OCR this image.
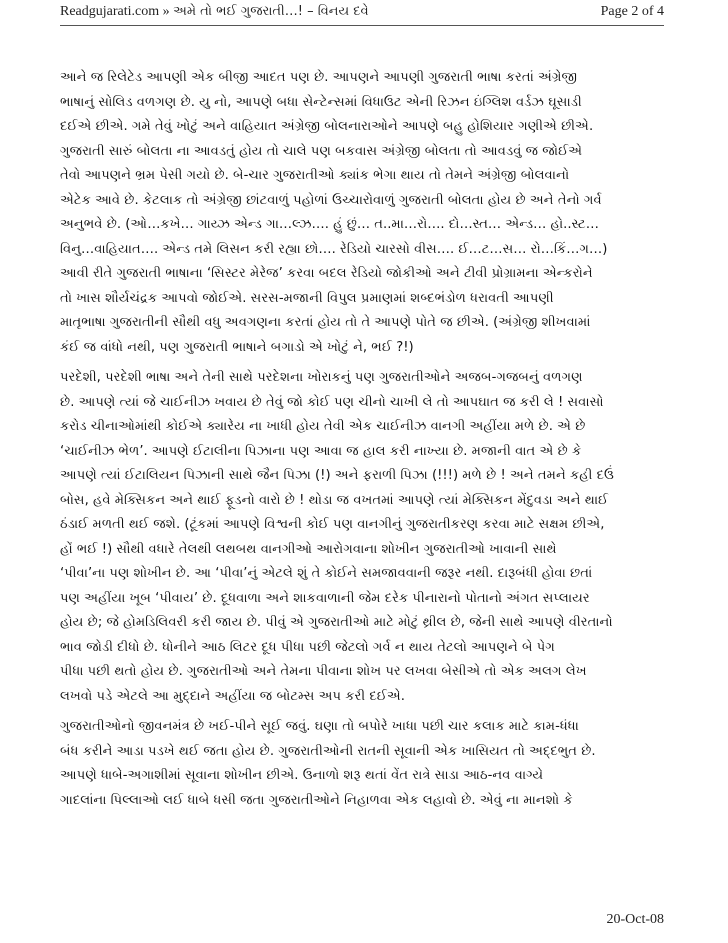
Readgujarati.com » અમે તો ભઈ ગુજરાતી…! – વિનય દવે	Page 2 of 4
આને જ રિલેટેડ આપણી એક બીજી આદત પણ છે. આપણને આપણી ગુજરાતી ભાષા કરતાં અંગ્રેજી
ભાષાનું સોલિડ વળગણ છે. યુ નો, આપણે બધા સેન્ટેન્સમાં વિધાઉટ એની રિઝન ઇંગ્લિશ વર્ડઝ ઘૂસાડી
દઈએ છીએ. ગમે તેવું ખોટું અને વાહિયાત અંગ્રેજી બોલનારાઓને આપણે બહુ હોશિયાર ગણીએ છીએ.
ગુજરાતી સારું બોલતા ના આવડતું હોય તો ચાલે પણ બકવાસ અંગ્રેજી બોલતા તો આવડવું જ જોઈએ
તેવો આપણને ભ્રમ પેસી ગયો છે. બે-ચાર ગુજરાતીઓ ક્યાંક ભેગા થાય તો તેમને અંગ્રેજી બોલવાનો
એટેક આવે છે. કેટલાક તો અંગ્રેજી છાંટવાળું પહોળાં ઉચ્ચારોવાળું ગુજરાતી બોલતા હોય છે અને તેનો ગર્વ
અનુભવે છે. (ઓ…કખે… ગાય્ઝ એન્ડ ગા…લ્ઝ…. હું છું… ત..મા…રો…. દો…સ્ત… એન્ડ… હો..સ્ટ…
વિનુ…વાહિયાત…. એન્ડ તમે લિસન કરી રહ્યા છો…. રેડિયો ચારસો વીસ…. ઈ…ટ…સ… રો…કિં…ગ…)
આવી રીતે ગુજરાતી ભાષાના ‘સિસ્ટર મેરેજ’ કરવા બદલ રેડિયો જોકીઓ અને ટીવી પ્રોગ્રામના એન્કરોને
તો ખાસ શૌર્યચંદ્રક આપવો જોઈએ. સરસ-મજાની વિપુલ પ્રમાણમાં શબ્દભંડોળ ધરાવતી આપણી
માતૃભાષા ગુજરાતીની સૌથી વધુ અવગણના કરતાં હોય તો તે આપણે પોતે જ છીએ. (અંગ્રેજી શીખવામાં
કંઈ જ વાંધો નથી, પણ ગુજરાતી ભાષાને બગાડો એ ખોટું ને, ભઈ ?!)
પરદેશી, પરદેશી ભાષા અને તેની સાથે પરદેશના ખોરાકનું પણ ગુજરાતીઓને અજબ-ગજબનું વળગણ
છે. આપણે ત્યાં જે ચાઈનીઝ ખવાય છે તેવું જો કોઈ પણ ચીનો ચાખી લે તો આપઘાત જ કરી લે ! સવાસો
કરોડ ચીનાઓમાંથી કોઈએ ક્યારેય ના ખાધી હોય તેવી એક ચાઈનીઝ વાનગી અહીંયા મળે છે. એ છે
‘ચાઈનીઝ ભેળ’. આપણે ઈટાલીના પિઝાના પણ આવા જ હાલ કરી નાખ્યા છે. મજાની વાત એ છે કે
આપણે ત્યાં ઈટાલિયન પિઝાની સાથે જૈન પિઝા (!) અને ફરાળી પિઝા (!!!) મળે છે ! અને તમને કહી દઉં
બોસ, હવે મેક્સિકન અને થાઈ ફૂડનો વારો છે ! થોડા જ વખતમાં આપણે ત્યાં મેક્સિકન મેંદુવડા અને થાઈ
ઠંડાઈ મળતી થઈ જશે. (ટૂંકમાં આપણે વિશ્વની કોઈ પણ વાનગીનું ગુજરાતીકરણ કરવા માટે સક્ષમ છીએ,
હોં ભઈ !) સૌથી વધારે તેલથી લથબથ વાનગીઓ આરોગવાના શોખીન ગુજરાતીઓ ખાવાની સાથે
‘પીવા’ના પણ શોખીન છે. આ ‘પીવા’નું એટલે શું તે કોઈને સમજાવવાની જરૂર નથી. દારૂબંધી હોવા છતાં
પણ અહીંયા ખૂબ ‘પીવાય’ છે. દૂધવાળા અને શાકવાળાની જેમ દરેક પીનારાનો પોતાનો અંગત સપ્લાયર
હોય છે; જે હોમડિલિવરી કરી જાય છે. પીવું એ ગુજરાતીઓ માટે મોટું થ્રીલ છે, જેની સાથે આપણે વીરતાનો
ભાવ જોડી દીધો છે. ધોનીને આઠ લિટર દૂધ પીધા પછી જેટલો ગર્વ ન થાય તેટલો આપણને બે પેગ
પીધા પછી થતો હોય છે. ગુજરાતીઓ અને તેમના પીવાના શોખ પર લખવા બેસીએ તો એક અલગ લેખ
લખવો પડે એટલે આ મુદ્દાને અહીંયા જ બોટમ્સ અપ કરી દઈએ.
ગુજરાતીઓનો જીવનમંત્ર છે ખઈ-પીને સૂઈ જવું. ઘણા તો બપોરે ખાધા પછી ચાર કલાક માટે કામ-ધંધા
બંધ કરીને આડા પડખે થઈ જતા હોય છે. ગુજરાતીઓની રાતની સૂવાની એક ખાસિયત તો અદ્દભુત છે.
આપણે ધાબે-અગાશીમાં સૂવાના શોખીન છીએ. ઉનાળો શરૂ થતાં વેંત રાત્રે સાડા આઠ-નવ વાગ્યે
ગાદલાંના પિલ્લાઓ લઈ ધાબે ધસી જતા ગુજરાતીઓને નિહાળવા એક લહાવો છે. એવું ના માનશો કે
20-Oct-08
